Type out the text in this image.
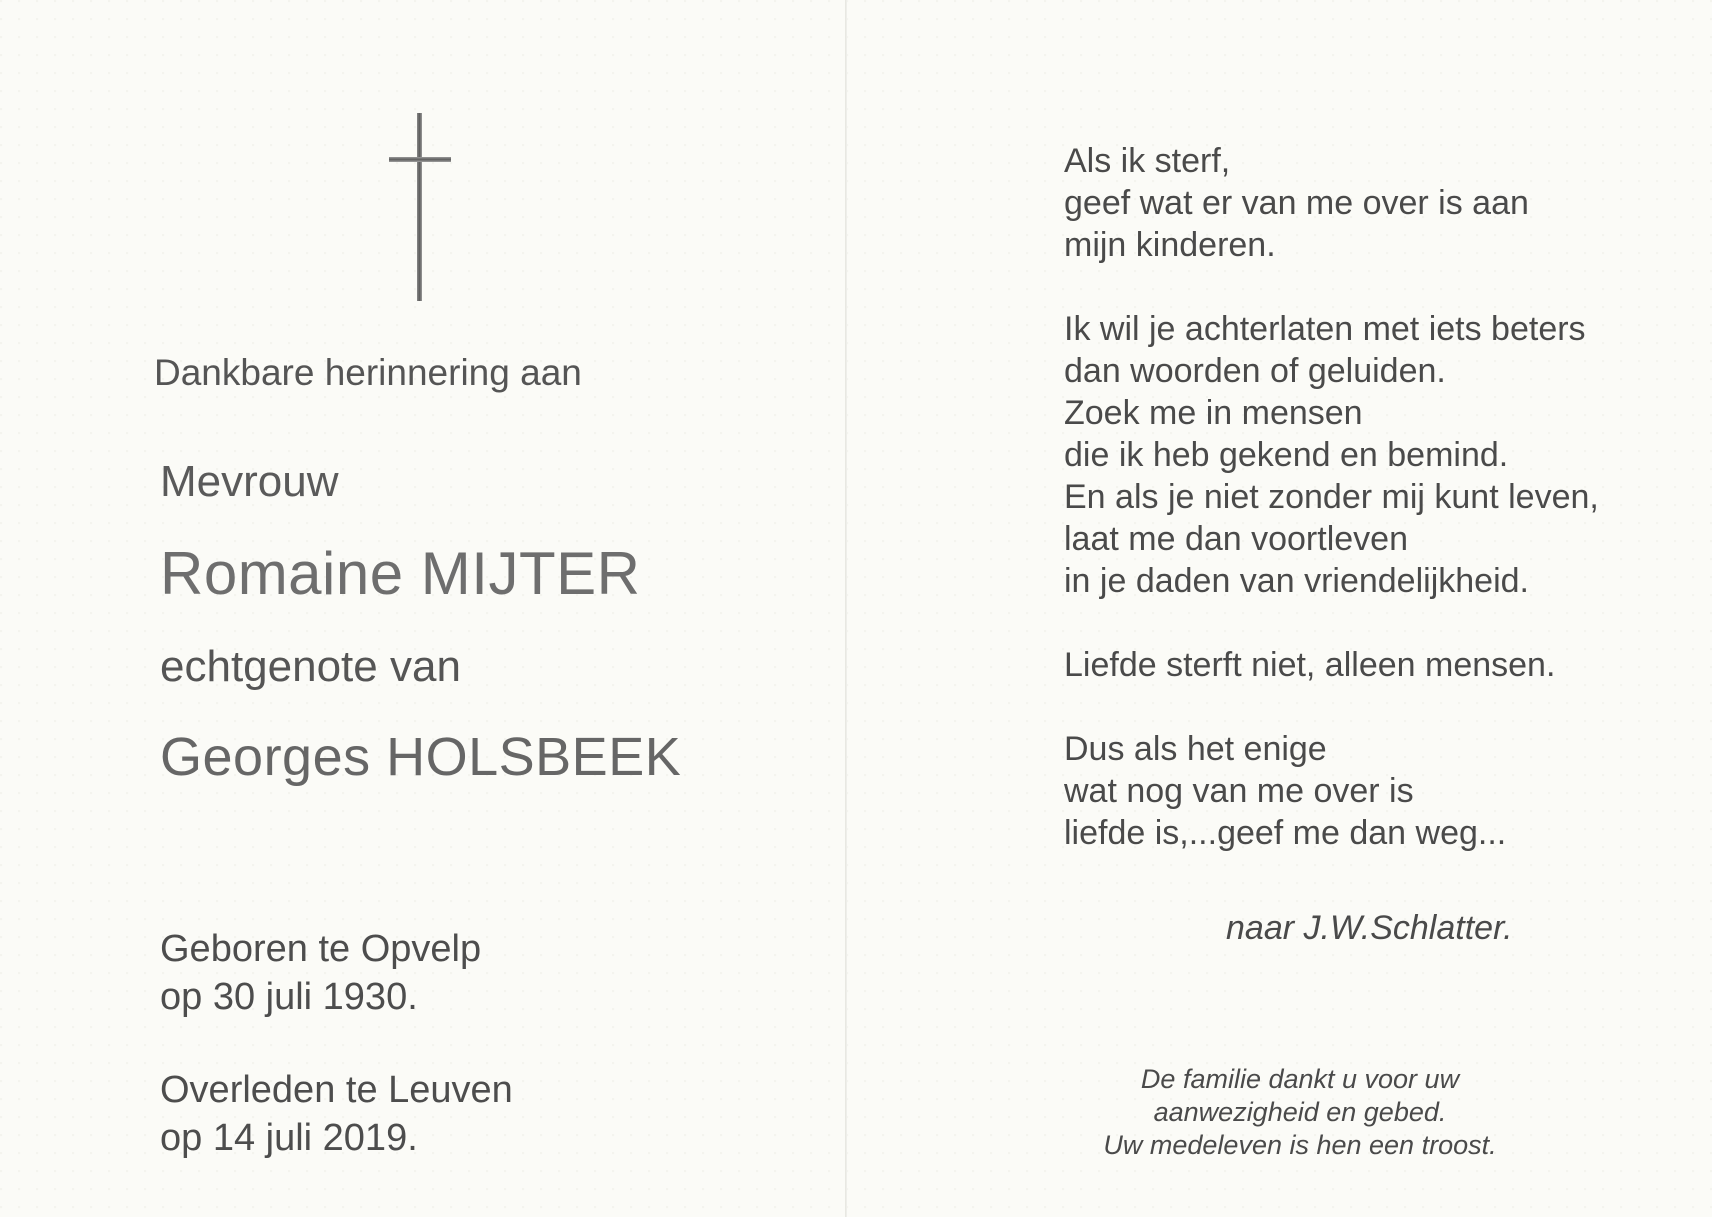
Dankbare herinnering aan

Mevrouw

Romaine MIJTER

echtgenote van

Georges HOLSBEEK

Geboren te Opvelp

op 30 juli 1930.

Overleden te Leuven

op 14 juli 2019.

Als ik sterf,
geef wat er van me over is aan
mijn kinderen.
Ik wil je achterlaten met iets beters
dan woorden of geluiden.
Zoek me in mensen
die ik heb gekend en bemind.
En als je niet zonder mij kunt leven,
laat me dan voortleven
in je daden van vriendelijkheid.
Liefde sterft niet, alleen mensen.
Dus als het enige
wat nog van me over is
liefde is,...geef me dan weg...
naar J.W.Schlatter.
De familie dankt u voor uw
aanwezigheid en gebed.
Uw medeleven is hen een troost.
